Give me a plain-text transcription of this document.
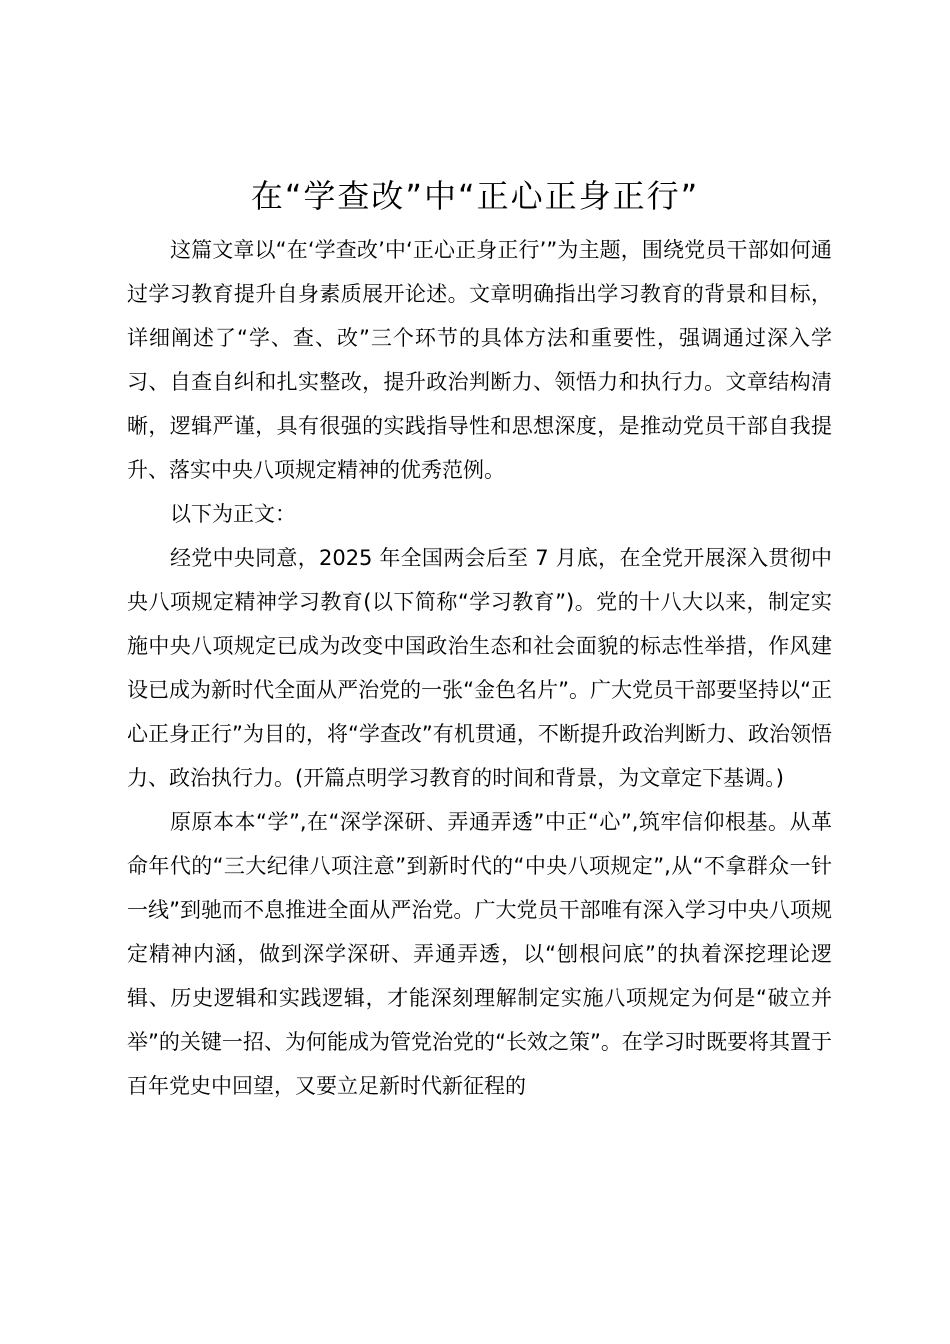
在“学查改”中“正心正身正行”

这篇文章以“在‘学查改’中‘正心正身正行’”为主题，围绕党员干部如何通过学习教育提升自身素质展开论述。文章明确指出学习教育的背景和目标，详细阐述了“学、查、改”三个环节的具体方法和重要性，强调通过深入学习、自查自纠和扎实整改，提升政治判断力、领悟力和执行力。文章结构清晰，逻辑严谨，具有很强的实践指导性和思想深度，是推动党员干部自我提升、落实中央八项规定精神的优秀范例。

以下为正文：

经党中央同意，2025 年全国两会后至 7 月底，在全党开展深入贯彻中央八项规定精神学习教育(以下简称“学习教育”)。党的十八大以来，制定实施中央八项规定已成为改变中国政治生态和社会面貌的标志性举措，作风建设已成为新时代全面从严治党的一张“金色名片”。广大党员干部要坚持以“正心正身正行”为目的，将“学查改”有机贯通，不断提升政治判断力、政治领悟力、政治执行力。(开篇点明学习教育的时间和背景，为文章定下基调。)

原原本本“学”,在“深学深研、弄通弄透”中正“心”,筑牢信仰根基。从革命年代的“三大纪律八项注意”到新时代的“中央八项规定”,从“不拿群众一针一线”到驰而不息推进全面从严治党。广大党员干部唯有深入学习中央八项规定精神内涵，做到深学深研、弄通弄透，以“刨根问底”的执着深挖理论逻辑、历史逻辑和实践逻辑，才能深刻理解制定实施八项规定为何是“破立并举”的关键一招、为何能成为管党治党的“长效之策”。在学习时既要将其置于百年党史中回望，又要立足新时代新征程的
